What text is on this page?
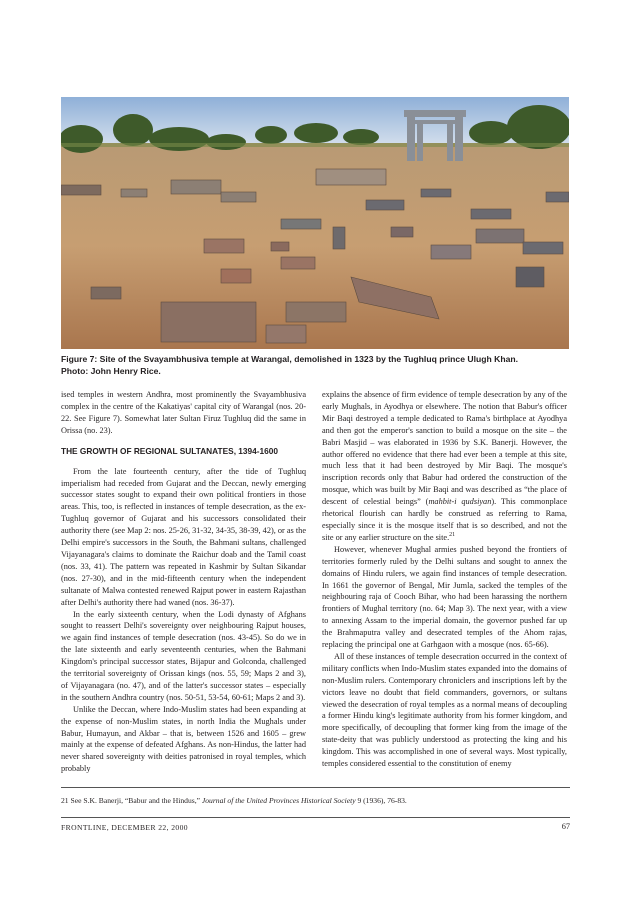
Figure 7: Site of the Svayambhusiva temple at Warangal, demolished in 1323 by the Tughluq prince Ulugh Khan.
Photo: John Henry Rice.

ised temples in western Andhra, most prominently the Svayambhusiva complex in the centre of the Kakatiyas' capital city of Warangal (nos. 20-22. See Figure 7). Somewhat later Sultan Firuz Tughluq did the same in Orissa (no. 23).

THE GROWTH OF REGIONAL SULTANATES, 1394-1600

From the late fourteenth century, after the tide of Tughluq imperialism had receded from Gujarat and the Deccan, newly emerging successor states sought to expand their own political frontiers in those areas. This, too, is reflected in instances of temple desecration, as the ex-Tughluq governor of Gujarat and his successors consolidated their authority there (see Map 2: nos. 25-26, 31-32, 34-35, 38-39, 42), or as the Delhi empire's successors in the South, the Bahmani sultans, challenged Vijayanagara's claims to dominate the Raichur doab and the Tamil coast (nos. 33, 41). The pattern was repeated in Kashmir by Sultan Sikandar (nos. 27-30), and in the mid-fifteenth century when the independent sultanate of Malwa contested renewed Rajput power in eastern Rajasthan after Delhi's authority there had waned (nos. 36-37).

In the early sixteenth century, when the Lodi dynasty of Afghans sought to reassert Delhi's sovereignty over neighbouring Rajput houses, we again find instances of temple desecration (nos. 43-45). So do we in the late sixteenth and early seventeenth centuries, when the Bahmani Kingdom's principal successor states, Bijapur and Golconda, challenged the territorial sovereignty of Orissan kings (nos. 55, 59; Maps 2 and 3), of Vijayanagara (no. 47), and of the latter's successor states – especially in the southern Andhra country (nos. 50-51, 53-54, 60-61; Maps 2 and 3).

Unlike the Deccan, where Indo-Muslim states had been expanding at the expense of non-Muslim states, in north India the Mughals under Babur, Humayun, and Akbar – that is, between 1526 and 1605 – grew mainly at the expense of defeated Afghans. As non-Hindus, the latter had never shared sovereignty with deities patronised in royal temples, which probably

explains the absence of firm evidence of temple desecration by any of the early Mughals, in Ayodhya or elsewhere. The notion that Babur's officer Mir Baqi destroyed a temple dedicated to Rama's birthplace at Ayodhya and then got the emperor's sanction to build a mosque on the site – the Babri Masjid – was elaborated in 1936 by S.K. Banerji. However, the author offered no evidence that there had ever been a temple at this site, much less that it had been destroyed by Mir Baqi. The mosque's inscription records only that Babur had ordered the construction of the mosque, which was built by Mir Baqi and was described as “the place of descent of celestial beings” (mahbit-i qudsiyan). This commonplace rhetorical flourish can hardly be construed as referring to Rama, especially since it is the mosque itself that is so described, and not the site or any earlier structure on the site.$^{21}$

However, whenever Mughal armies pushed beyond the frontiers of territories formerly ruled by the Delhi sultans and sought to annex the domains of Hindu rulers, we again find instances of temple desecration. In 1661 the governor of Bengal, Mir Jumla, sacked the temples of the neighbouring raja of Cooch Bihar, who had been harassing the northern frontiers of Mughal territory (no. 64; Map 3). The next year, with a view to annexing Assam to the imperial domain, the governor pushed far up the Brahmaputra valley and desecrated temples of the Ahom rajas, replacing the principal one at Garhgaon with a mosque (nos. 65-66).

All of these instances of temple desecration occurred in the context of military conflicts when Indo-Muslim states expanded into the domains of non-Muslim rulers. Contemporary chroniclers and inscriptions left by the victors leave no doubt that field commanders, governors, or sultans viewed the desecration of royal temples as a normal means of decoupling a former Hindu king's legitimate authority from his former kingdom, and more specifically, of decoupling that former king from the image of the state-deity that was publicly understood as protecting the king and his kingdom. This was accomplished in one of several ways. Most typically, temples considered essential to the constitution of enemy

21 See S.K. Banerji, “Babur and the Hindus,” Journal of the United Provinces Historical Society 9 (1936), 76-83.
FRONTLINE, DECEMBER 22, 2000	67
